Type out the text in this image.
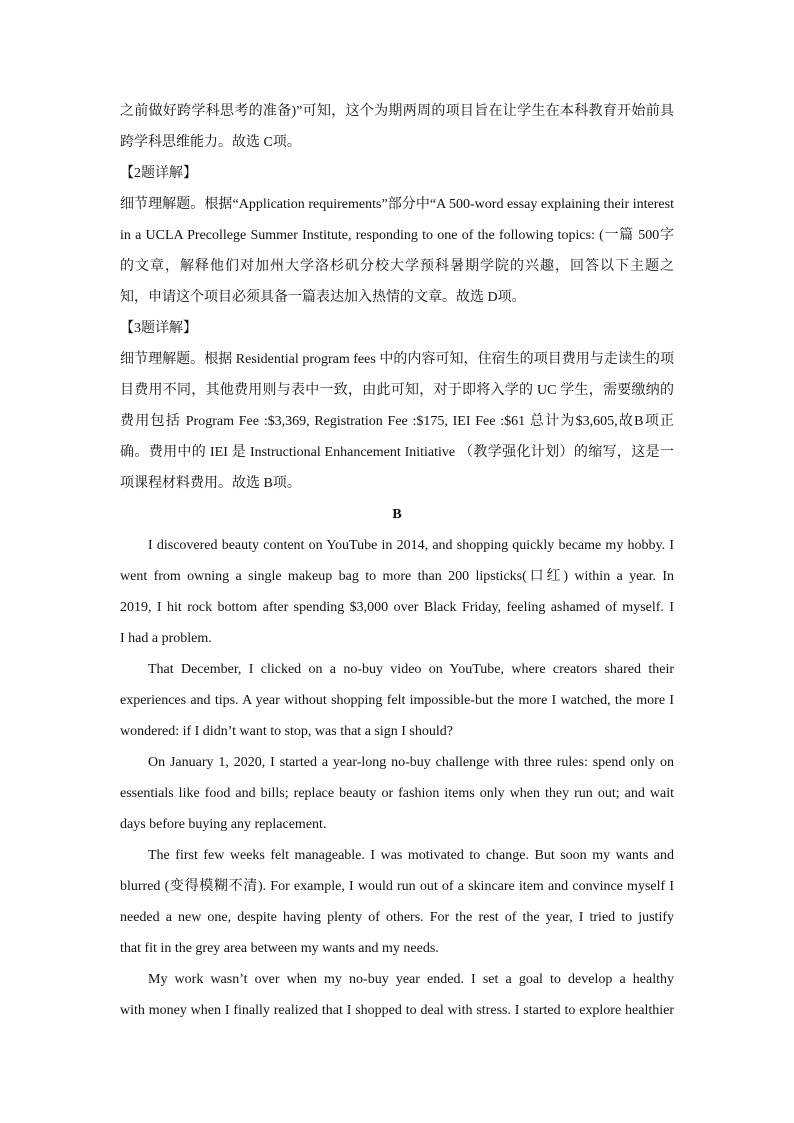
之前做好跨学科思考的准备)”可知，这个为期两周的项目旨在让学生在本科教育开始前具
跨学科思维能力。故选 C项。
【2题详解】
细节理解题。根据“Application requirements”部分中“A 500-word essay explaining their interest
in a UCLA Precollege Summer Institute, responding to one of the following topics: (一篇 500字
的文章，解释他们对加州大学洛杉矶分校大学预科暑期学院的兴趣，回答以下主题之
知，申请这个项目必须具备一篇表达加入热情的文章。故选 D项。
【3题详解】
细节理解题。根据 Residential program fees 中的内容可知，住宿生的项目费用与走读生的项
目费用不同，其他费用则与表中一致，由此可知，对于即将入学的 UC 学生，需要缴纳的
费用包括 Program Fee :$3,369, Registration Fee :$175, IEI Fee :$61 总计为$3,605,故B项正
确。费用中的 IEI 是 Instructional Enhancement Initiative （教学强化计划）的缩写，这是一
项课程材料费用。故选 B项。
B
I discovered beauty content on YouTube in 2014, and shopping quickly became my hobby. I
went from owning a single makeup bag to more than 200 lipsticks(口红) within a year. In
2019, I hit rock bottom after spending $3,000 over Black Friday, feeling ashamed of myself. I
I had a problem.
That December, I clicked on a no-buy video on YouTube, where creators shared their
experiences and tips. A year without shopping felt impossible-but the more I watched, the more I
wondered: if I didn’t want to stop, was that a sign I should?
On January 1, 2020, I started a year-long no-buy challenge with three rules: spend only on
essentials like food and bills; replace beauty or fashion items only when they run out; and wait
days before buying any replacement.
The first few weeks felt manageable. I was motivated to change. But soon my wants and
blurred (变得模糊不清). For example, I would run out of a skincare item and convince myself I
needed a new one, despite having plenty of others. For the rest of the year, I tried to justify
that fit in the grey area between my wants and my needs.
My work wasn’t over when my no-buy year ended. I set a goal to develop a healthy
with money when I finally realized that I shopped to deal with stress. I started to explore healthier
